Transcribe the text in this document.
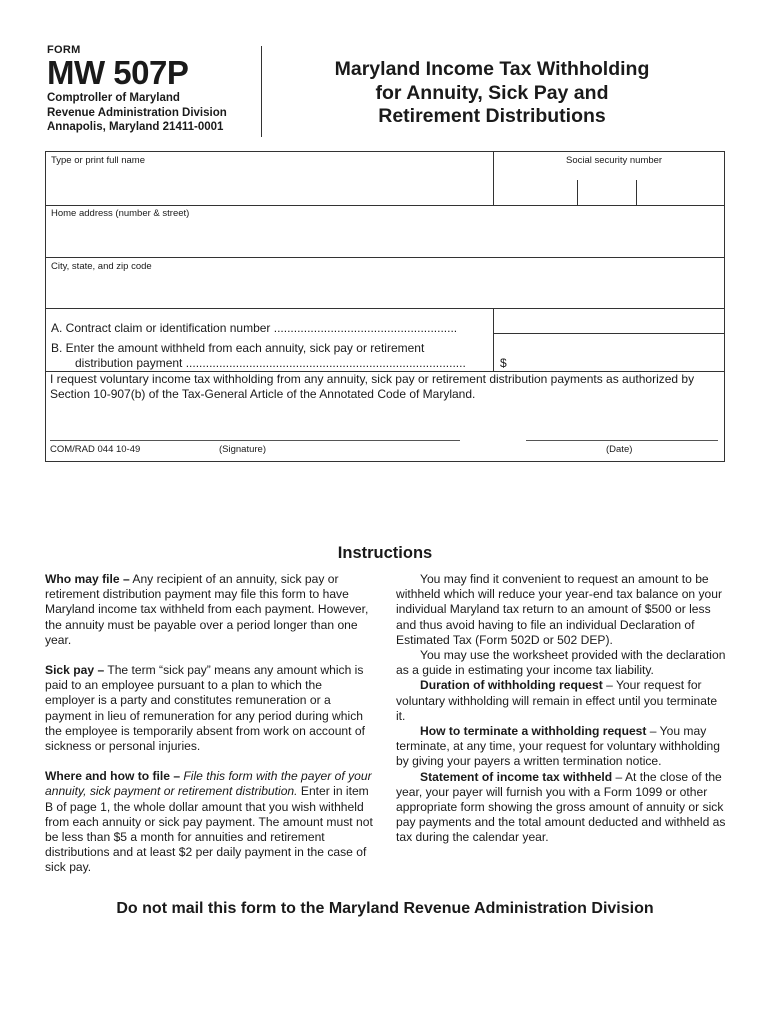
FORM
MW 507P
Comptroller of Maryland
Revenue Administration Division
Annapolis, Maryland 21411-0001
Maryland Income Tax Withholding
for Annuity, Sick Pay and
Retirement Distributions
Type or print full name	Social security number
Home address (number & street)
City, state, and zip code
A. Contract claim or identification number .......................................................
B. Enter the amount withheld from each annuity, sick pay or retirement
distribution payment ....................................................................................	$
I request voluntary income tax withholding from any annuity, sick pay or retirement distribution payments as authorized by Section 10-907(b) of the Tax-General Article of the Annotated Code of Maryland.
COM/RAD 044 10-49	(Signature)	(Date)
Instructions

Who may file – Any recipient of an annuity, sick pay or retirement distribution payment may file this form to have Maryland income tax withheld from each payment. However, the annuity must be payable over a period longer than one year.

Sick pay – The term “sick pay” means any amount which is paid to an employee pursuant to a plan to which the employer is a party and constitutes remuneration or a payment in lieu of remuneration for any period during which the employee is temporarily absent from work on account of sickness or personal injuries.

Where and how to file – File this form with the payer of your annuity, sick payment or retirement distribution. Enter in item B of page 1, the whole dollar amount that you wish withheld from each annuity or sick pay payment. The amount must not be less than $5 a month for annuities and retirement distributions and at least $2 per daily payment in the case of sick pay.

You may find it convenient to request an amount to be withheld which will reduce your year-end tax balance on your individual Maryland tax return to an amount of $500 or less and thus avoid having to file an individual Declaration of Estimated Tax (Form 502D or 502 DEP).

You may use the worksheet provided with the declaration as a guide in estimating your income tax liability.

Duration of withholding request – Your request for voluntary withholding will remain in effect until you terminate it.

How to terminate a withholding request – You may terminate, at any time, your request for voluntary withholding by giving your payers a written termination notice.

Statement of income tax withheld – At the close of the year, your payer will furnish you with a Form 1099 or other appropriate form showing the gross amount of annuity or sick pay payments and the total amount deducted and withheld as tax during the calendar year.

Do not mail this form to the Maryland Revenue Administration Division
